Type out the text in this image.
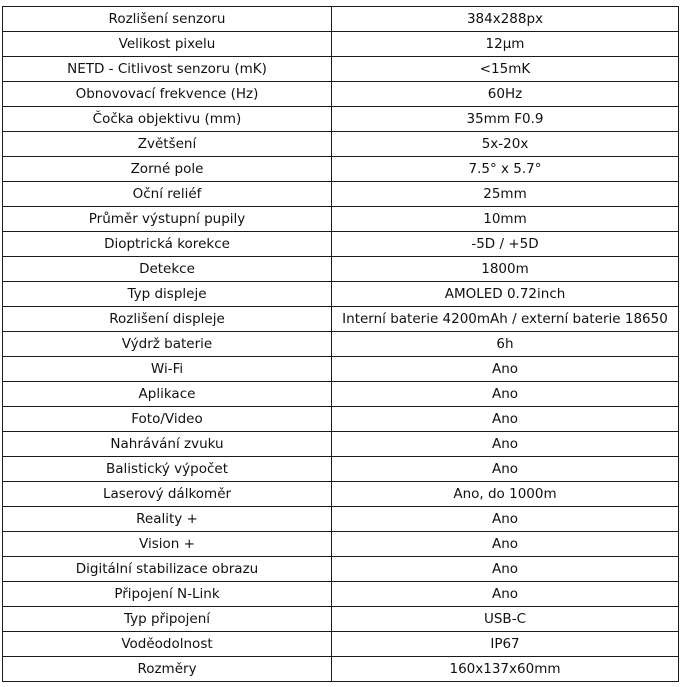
Rozlišení senzoru	384x288px
Velikost pixelu	12μm
NETD - Citlivost senzoru (mK)	<15mK
Obnovovací frekvence (Hz)	60Hz
Čočka objektivu (mm)	35mm F0.9
Zvětšení	5x-20x
Zorné pole	7.5° x 5.7°
Oční reliéf	25mm
Průměr výstupní pupily	10mm
Dioptrická korekce	-5D / +5D
Detekce	1800m
Typ displeje	AMOLED 0.72inch
Rozlišení displeje	Interní baterie 4200mAh / externí baterie 18650
Výdrž baterie	6h
Wi-Fi	Ano
Aplikace	Ano
Foto/Video	Ano
Nahrávání zvuku	Ano
Balistický výpočet	Ano
Laserový dálkoměr	Ano, do 1000m
Reality +	Ano
Vision +	Ano
Digitální stabilizace obrazu	Ano
Připojení N-Link	Ano
Typ připojení	USB-C
Voděodolnost	IP67
Rozměry	160x137x60mm
